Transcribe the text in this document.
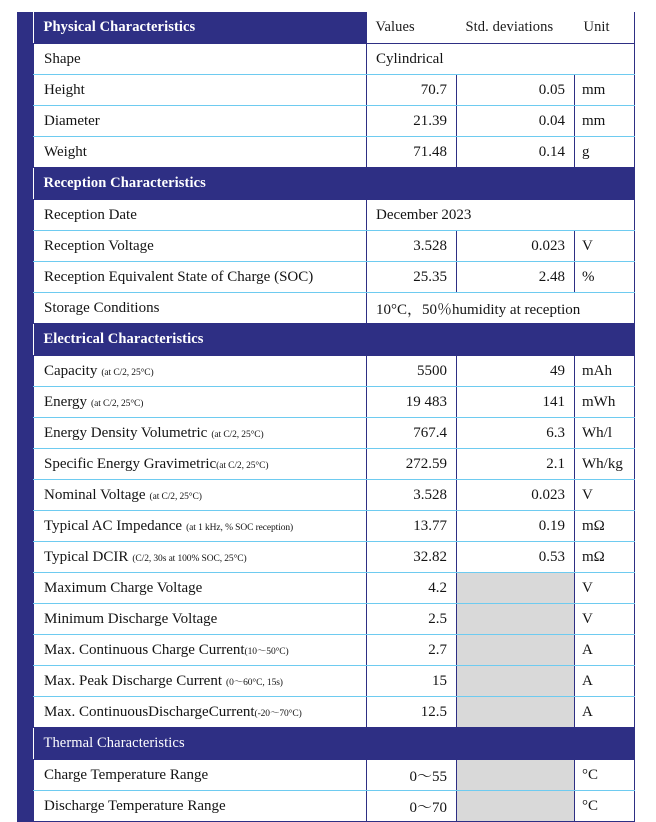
Physical Characteristics	Values	Std. deviations	Unit
Shape	Cylindrical		
Height	70.7	0.05	mm
Diameter	21.39	0.04	mm
Weight	71.48	0.14	g
Reception Characteristics			
Reception Date	December 2023		
Reception Voltage	3.528	0.023	V
Reception Equivalent State of Charge (SOC)	25.35	2.48	%
Storage Conditions	10°C，50％humidity at reception		
Electrical Characteristics			
Capacity (at C/2, 25°C)	5500	49	mAh
Energy (at C/2, 25°C)	19 483	141	mWh
Energy Density Volumetric (at C/2, 25°C)	767.4	6.3	Wh/l
Specific Energy Gravimetric(at C/2, 25°C)	272.59	2.1	Wh/kg
Nominal Voltage (at C/2, 25°C)	3.528	0.023	V
Typical AC Impedance (at 1 kHz, % SOC reception)	13.77	0.19	mΩ
Typical DCIR (C/2, 30s at 100% SOC, 25°C)	32.82	0.53	mΩ
Maximum Charge Voltage	4.2		V
Minimum Discharge Voltage	2.5		V
Max. Continuous Charge Current(10～50°C)	2.7		A
Max. Peak Discharge Current (0～60°C, 15s)	15		A
Max. ContinuousDischargeCurrent(-20～70°C)	12.5		A
Thermal Characteristics			
Charge Temperature Range	0～55		°C
Discharge Temperature Range	0～70		°C
